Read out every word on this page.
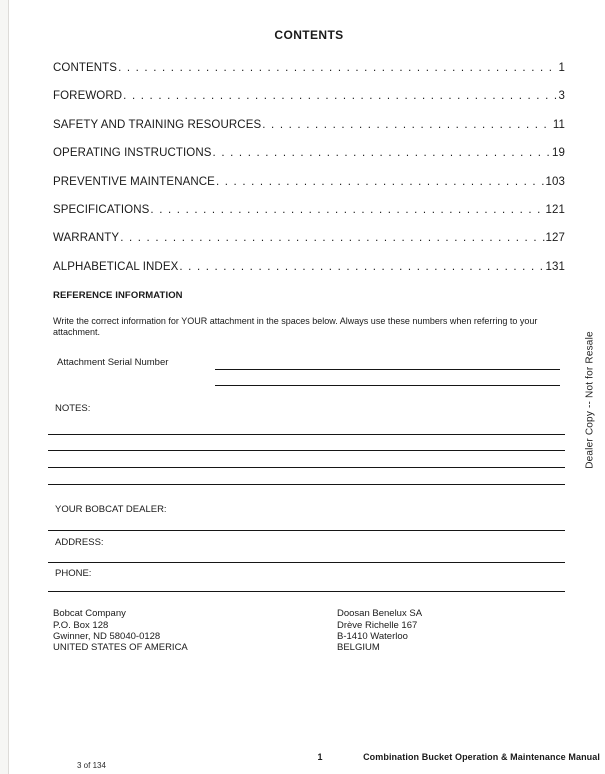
CONTENTS
CONTENTS . . .	1
FOREWORD . . .	3
SAFETY AND TRAINING RESOURCES . . .	11
OPERATING INSTRUCTIONS . . .	19
PREVENTIVE MAINTENANCE . . .	103
SPECIFICATIONS . . .	121
WARRANTY . . .	127
ALPHABETICAL INDEX . . .	131
REFERENCE INFORMATION

Write the correct information for YOUR attachment in the spaces below. Always use these numbers when referring to your attachment.

Attachment Serial Number
NOTES:
YOUR BOBCAT DEALER:
ADDRESS:
PHONE:
Bobcat Company
P.O. Box 128
Gwinner, ND 58040-0128
UNITED STATES OF AMERICA
Doosan Benelux SA
Drève Richelle 167
B-1410 Waterloo
BELGIUM
Dealer Copy -- Not for Resale
1	Combination Bucket Operation & Maintenance Manual
3 of 134
